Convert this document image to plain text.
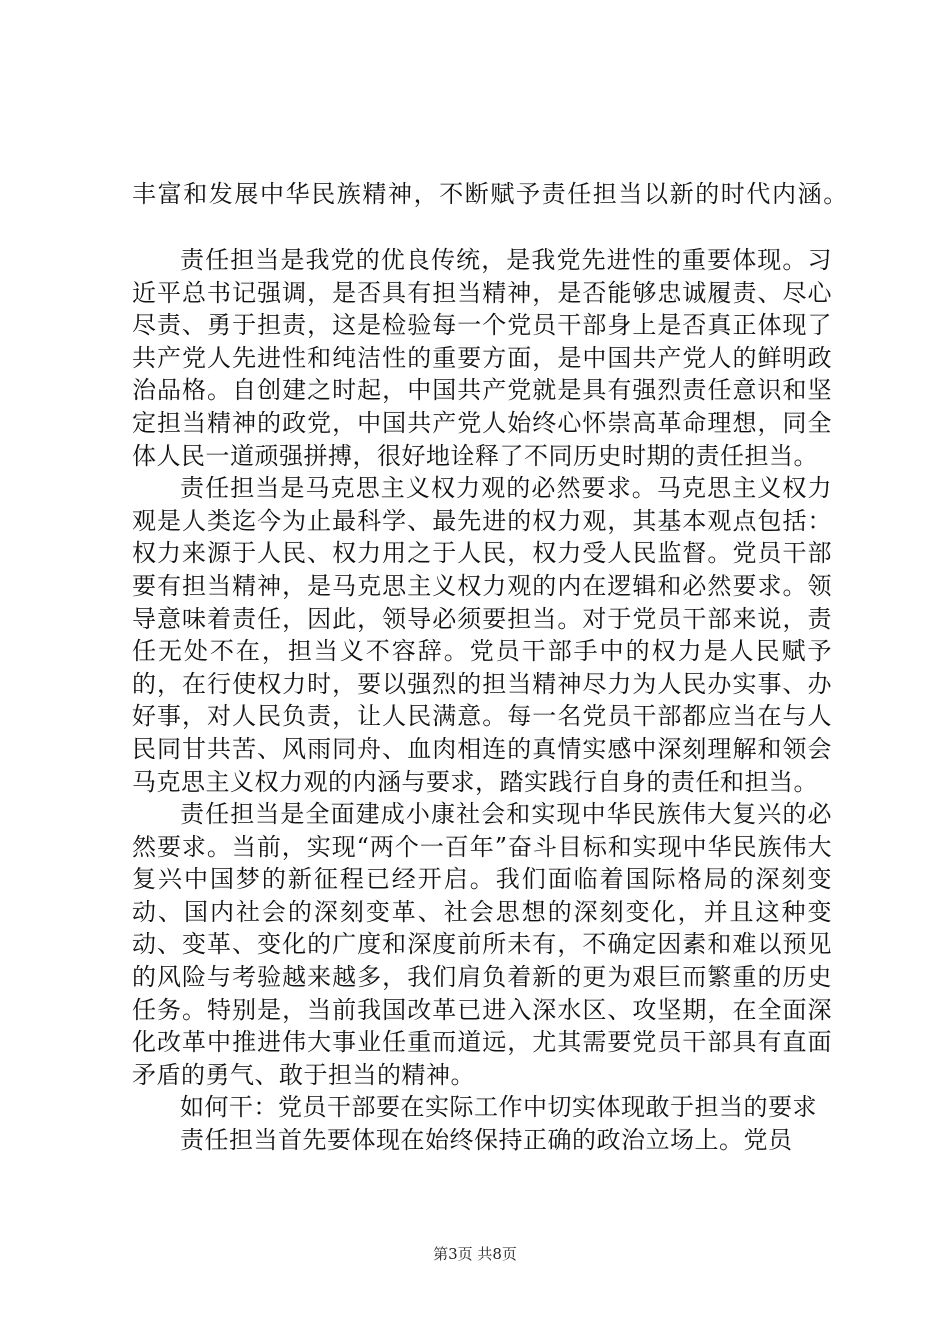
丰富和发展中华民族精神，不断赋予责任担当以新的时代内涵。

责任担当是我党的优良传统，是我党先进性的重要体现。习近平总书记强调，是否具有担当精神，是否能够忠诚履责、尽心尽责、勇于担责，这是检验每一个党员干部身上是否真正体现了共产党人先进性和纯洁性的重要方面，是中国共产党人的鲜明政治品格。自创建之时起，中国共产党就是具有强烈责任意识和坚定担当精神的政党，中国共产党人始终心怀崇高革命理想，同全体人民一道顽强拼搏，很好地诠释了不同历史时期的责任担当。

责任担当是马克思主义权力观的必然要求。马克思主义权力观是人类迄今为止最科学、最先进的权力观，其基本观点包括：权力来源于人民、权力用之于人民，权力受人民监督。党员干部要有担当精神，是马克思主义权力观的内在逻辑和必然要求。领导意味着责任，因此，领导必须要担当。对于党员干部来说，责任无处不在，担当义不容辞。党员干部手中的权力是人民赋予的，在行使权力时，要以强烈的担当精神尽力为人民办实事、办好事，对人民负责，让人民满意。每一名党员干部都应当在与人民同甘共苦、风雨同舟、血肉相连的真情实感中深刻理解和领会马克思主义权力观的内涵与要求，踏实践行自身的责任和担当。

责任担当是全面建成小康社会和实现中华民族伟大复兴的必然要求。当前，实现“两个一百年”奋斗目标和实现中华民族伟大复兴中国梦的新征程已经开启。我们面临着国际格局的深刻变动、国内社会的深刻变革、社会思想的深刻变化，并且这种变动、变革、变化的广度和深度前所未有，不确定因素和难以预见的风险与考验越来越多，我们肩负着新的更为艰巨而繁重的历史任务。特别是，当前我国改革已进入深水区、攻坚期，在全面深化改革中推进伟大事业任重而道远，尤其需要党员干部具有直面矛盾的勇气、敢于担当的精神。

如何干：党员干部要在实际工作中切实体现敢于担当的要求

责任担当首先要体现在始终保持正确的政治立场上。党员

第3页 共8页
